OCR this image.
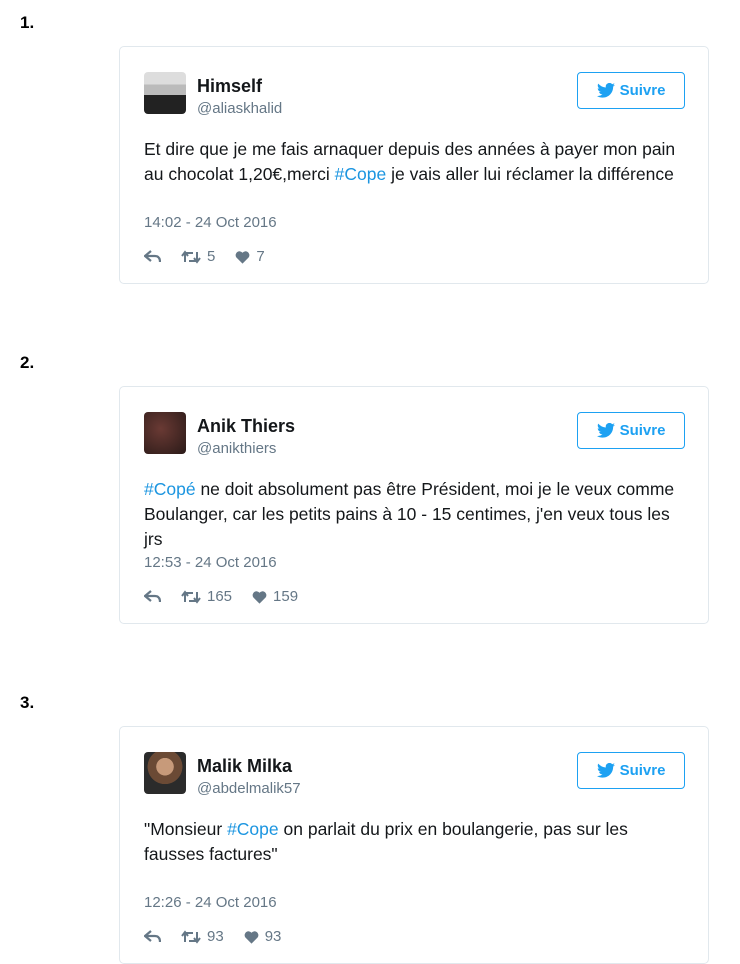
1.
Himself
@aliaskhalid
Suivre
Et dire que je me fais arnaquer depuis des années à payer mon pain au chocolat 1,20€,merci #Cope je vais aller lui réclamer la différence
14:02 - 24 Oct 2016
5	7
2.
Anik Thiers
@anikthiers
Suivre
#Copé ne doit absolument pas être Président, moi je le veux comme Boulanger, car les petits pains à 10 - 15 centimes, j'en veux tous les jrs
12:53 - 24 Oct 2016
165	159
3.
Malik Milka
@abdelmalik57
Suivre
"Monsieur #Cope on parlait du prix en boulangerie, pas sur les fausses factures"
12:26 - 24 Oct 2016
93	93
